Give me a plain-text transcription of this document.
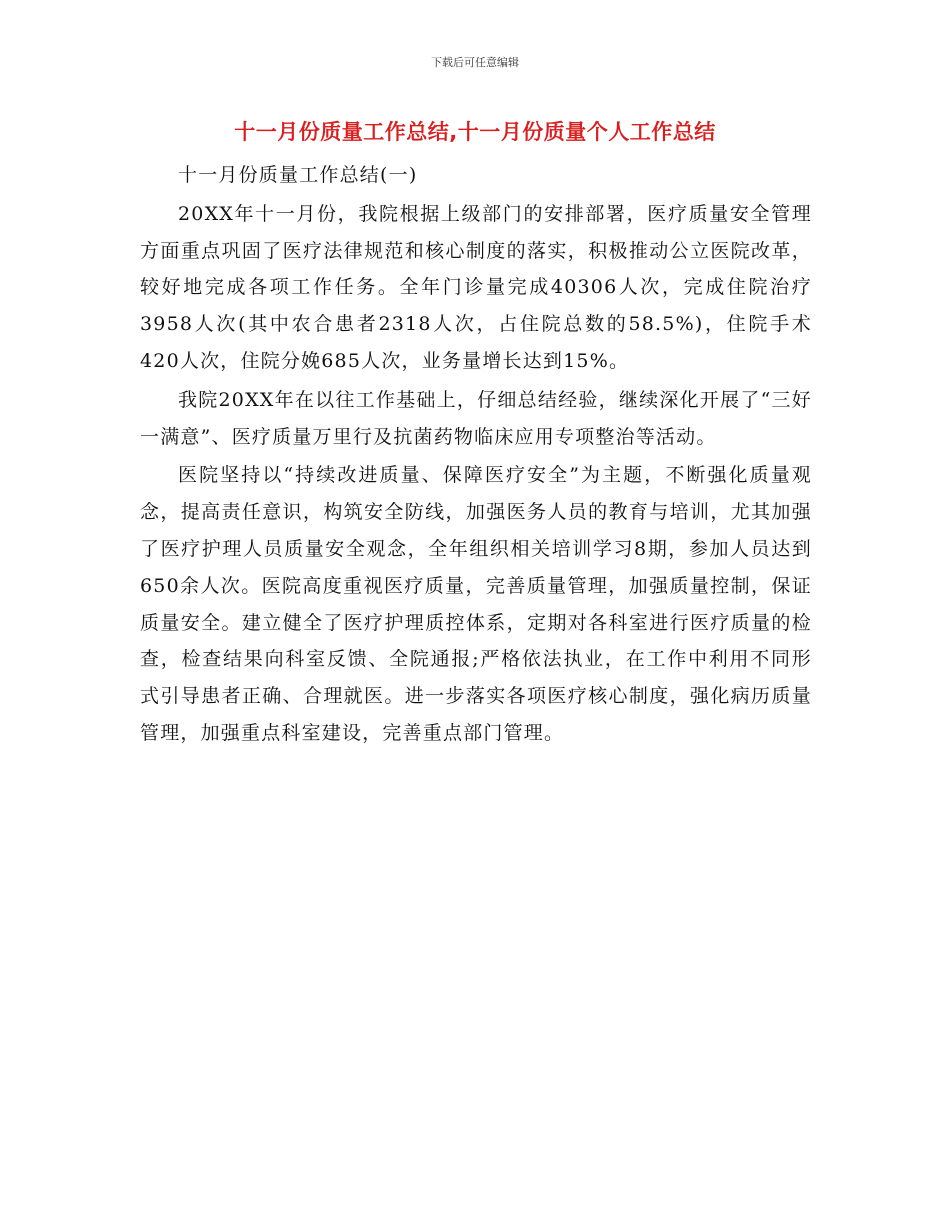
下载后可任意编辑
十一月份质量工作总结,十一月份质量个人工作总结

十一月份质量工作总结(一)

20XX年十一月份，我院根据上级部门的安排部署，医疗质量安全管理方面重点巩固了医疗法律规范和核心制度的落实，积极推动公立医院改革，较好地完成各项工作任务。全年门诊量完成40306人次，完成住院治疗3958人次(其中农合患者2318人次，占住院总数的58.5%)，住院手术420人次，住院分娩685人次，业务量增长达到15%。

我院20XX年在以往工作基础上，仔细总结经验，继续深化开展了“三好一满意”、医疗质量万里行及抗菌药物临床应用专项整治等活动。

医院坚持以“持续改进质量、保障医疗安全”为主题，不断强化质量观念，提高责任意识，构筑安全防线，加强医务人员的教育与培训，尤其加强了医疗护理人员质量安全观念，全年组织相关培训学习8期，参加人员达到650余人次。医院高度重视医疗质量，完善质量管理，加强质量控制，保证质量安全。建立健全了医疗护理质控体系，定期对各科室进行医疗质量的检查，检查结果向科室反馈、全院通报;严格依法执业，在工作中利用不同形式引导患者正确、合理就医。进一步落实各项医疗核心制度，强化病历质量管理，加强重点科室建设，完善重点部门管理。
